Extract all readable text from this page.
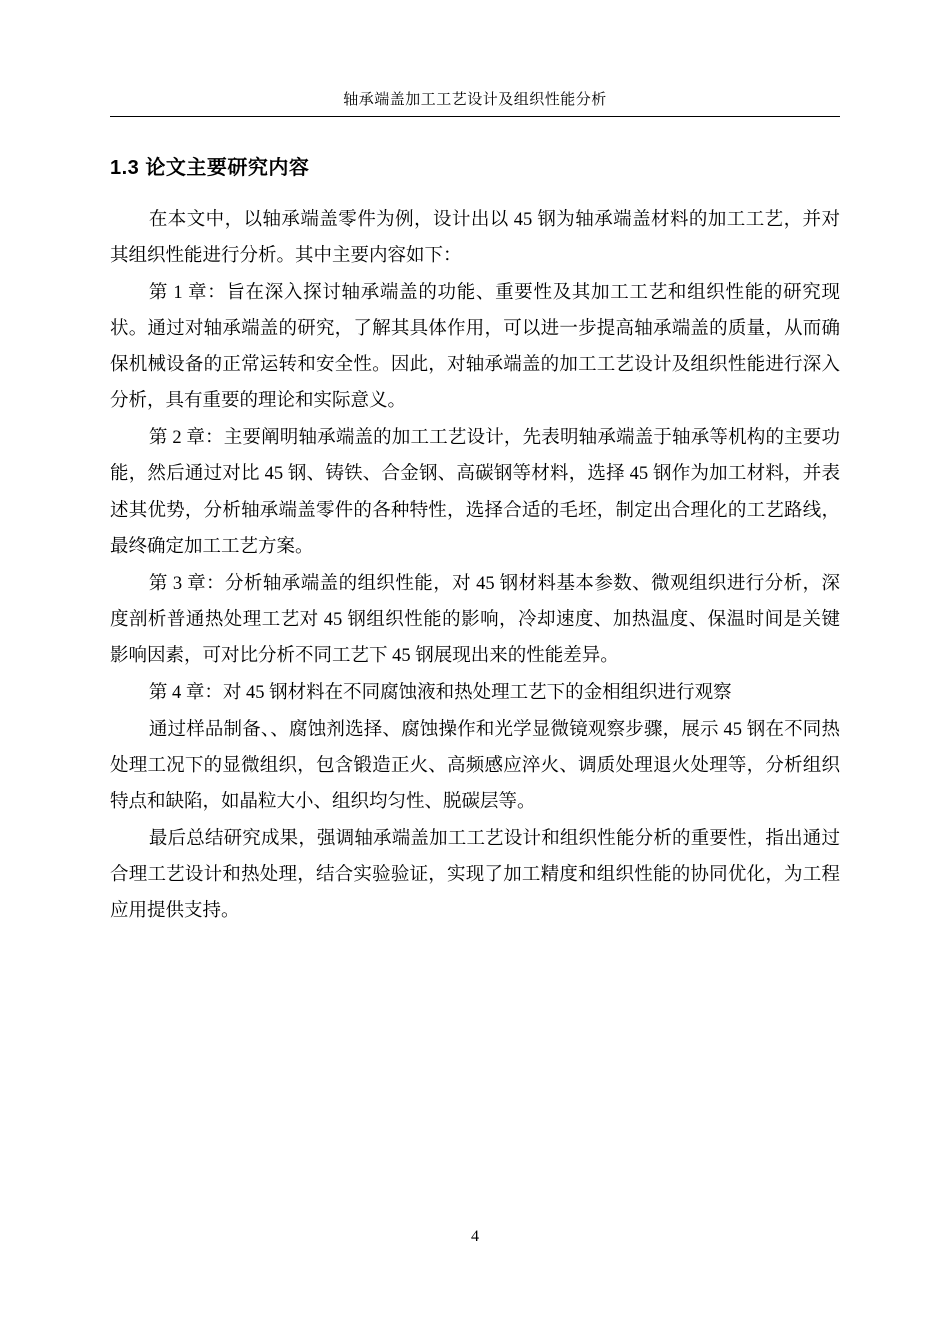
轴承端盖加工工艺设计及组织性能分析
1.3 论文主要研究内容

在本文中，以轴承端盖零件为例，设计出以 45 钢为轴承端盖材料的加工工艺，并对其组织性能进行分析。其中主要内容如下：

第 1 章：旨在深入探讨轴承端盖的功能、重要性及其加工工艺和组织性能的研究现状。通过对轴承端盖的研究，了解其具体作用，可以进一步提高轴承端盖的质量，从而确保机械设备的正常运转和安全性。因此，对轴承端盖的加工工艺设计及组织性能进行深入分析，具有重要的理论和实际意义。

第 2 章：主要阐明轴承端盖的加工工艺设计，先表明轴承端盖于轴承等机构的主要功能，然后通过对比 45 钢、铸铁、合金钢、高碳钢等材料，选择 45 钢作为加工材料，并表述其优势，分析轴承端盖零件的各种特性，选择合适的毛坯，制定出合理化的工艺路线，最终确定加工工艺方案。

第 3 章：分析轴承端盖的组织性能，对 45 钢材料基本参数、微观组织进行分析，深度剖析普通热处理工艺对 45 钢组织性能的影响，冷却速度、加热温度、保温时间是关键影响因素，可对比分析不同工艺下 45 钢展现出来的性能差异。

第 4 章：对 45 钢材料在不同腐蚀液和热处理工艺下的金相组织进行观察

通过样品制备、、腐蚀剂选择、腐蚀操作和光学显微镜观察步骤，展示 45 钢在不同热处理工况下的显微组织，包含锻造正火、高频感应淬火、调质处理退火处理等，分析组织特点和缺陷，如晶粒大小、组织均匀性、脱碳层等。

最后总结研究成果，强调轴承端盖加工工艺设计和组织性能分析的重要性，指出通过合理工艺设计和热处理，结合实验验证，实现了加工精度和组织性能的协同优化，为工程应用提供支持。

4
